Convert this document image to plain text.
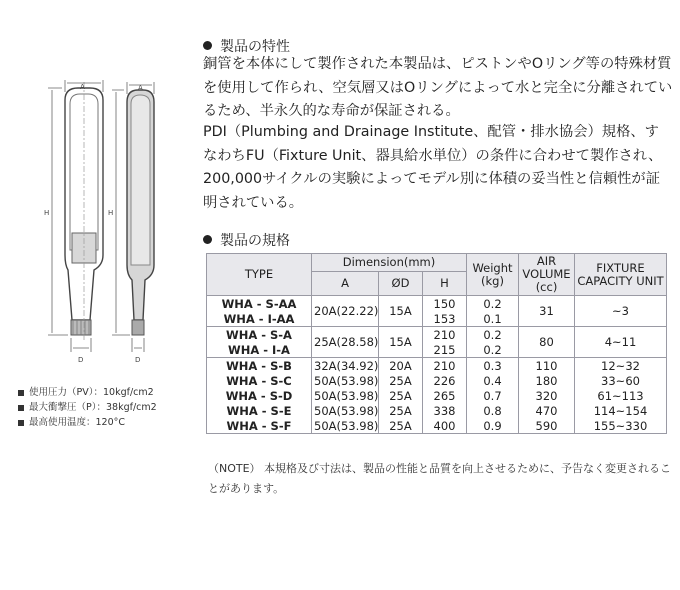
A	A
H	H
D	D
使用圧力（PV）：10kgf/cm2
最大衝撃圧（P）：38kgf/cm2
最高使用温度：120°C
製品の特性
銅管を本体にして製作された本製品は、ピストンやOリング等の特殊材質を使用して作られ、空気層又はOリングによって水と完全に分離されているため、半永久的な寿命が保証される。
PDI（Plumbing and Drainage Institute、配管・排水協会）規格、すなわちFU（Fixture Unit、器具給水単位）の条件に合わせて製作され、200,000サイクルの実験によってモデル別に体積の妥当性と信頼性が証明されている。
製品の規格
TYPE	Dimension(mm)			Weight (kg)	AIR VOLUME (cc)	FIXTURE CAPACITY UNIT
	A	ØD	H			
WHA - S-AA	20A(22.22)	15A	150	0.2	31	~3
WHA - I-AA			153	0.1		
WHA - S-A	25A(28.58)	15A	210	0.2	80	4~11
WHA - I-A			215	0.2		
WHA - S-B	32A(34.92)	20A	210	0.3	110	12~32
WHA - S-C	50A(53.98)	25A	226	0.4	180	33~60
WHA - S-D	50A(53.98)	25A	265	0.7	320	61~113
WHA - S-E	50A(53.98)	25A	338	0.8	470	114~154
WHA - S-F	50A(53.98)	25A	400	0.9	590	155~330
（NOTE） 本規格及び寸法は、製品の性能と品質を向上させるために、予告なく変更されることがあります。
